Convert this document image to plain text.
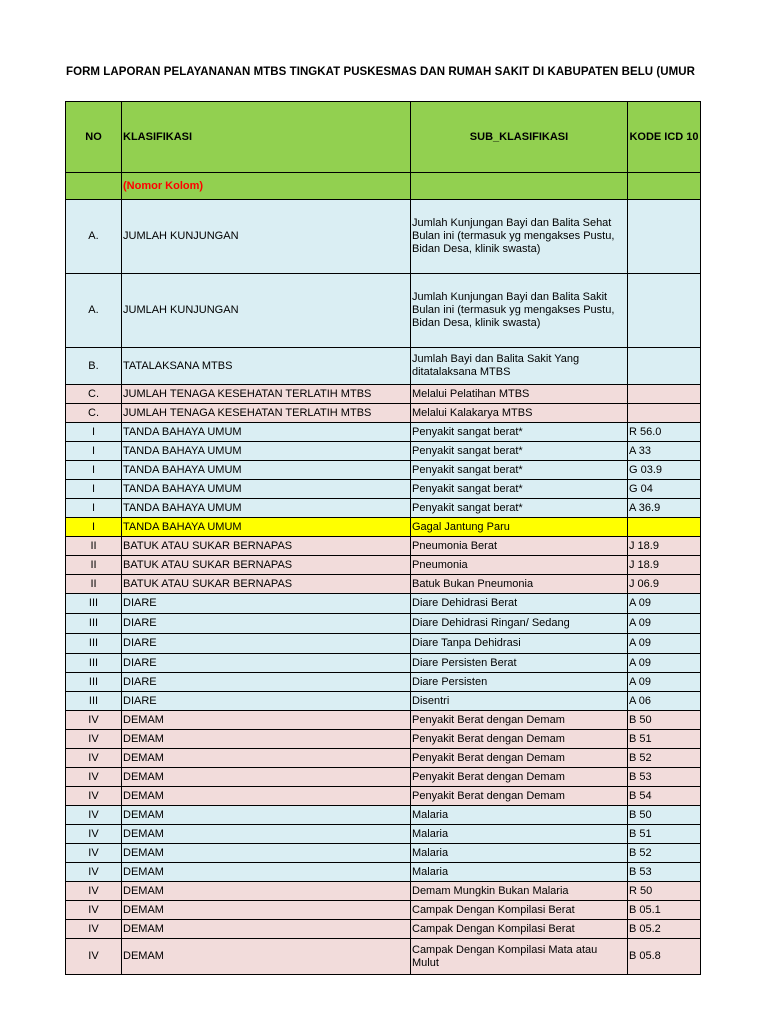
FORM LAPORAN PELAYANANAN MTBS TINGKAT PUSKESMAS DAN RUMAH SAKIT DI KABUPATEN BELU (UMUR
NO	KLASIFIKASI	SUB_KLASIFIKASI	KODE ICD 10
	(Nomor Kolom)		
A.	JUMLAH KUNJUNGAN	Jumlah Kunjungan Bayi dan Balita Sehat Bulan ini (termasuk yg mengakses Pustu, Bidan Desa, klinik swasta)	
A.	JUMLAH KUNJUNGAN	Jumlah Kunjungan Bayi dan Balita Sakit Bulan ini (termasuk yg mengakses Pustu, Bidan Desa, klinik swasta)	
B.	TATALAKSANA MTBS	Jumlah Bayi dan Balita Sakit Yang ditatalaksana MTBS	
C.	JUMLAH TENAGA KESEHATAN TERLATIH MTBS	Melalui Pelatihan MTBS	
C.	JUMLAH TENAGA KESEHATAN TERLATIH MTBS	Melalui Kalakarya MTBS	
I	TANDA BAHAYA UMUM	Penyakit sangat berat*	R 56.0
I	TANDA BAHAYA UMUM	Penyakit sangat berat*	A 33
I	TANDA BAHAYA UMUM	Penyakit sangat berat*	G 03.9
I	TANDA BAHAYA UMUM	Penyakit sangat berat*	G 04
I	TANDA BAHAYA UMUM	Penyakit sangat berat*	A 36.9
I	TANDA BAHAYA UMUM	Gagal Jantung Paru	
II	BATUK ATAU SUKAR BERNAPAS	Pneumonia Berat	J 18.9
II	BATUK ATAU SUKAR BERNAPAS	Pneumonia	J 18.9
II	BATUK ATAU SUKAR BERNAPAS	Batuk Bukan Pneumonia	J 06.9
III	DIARE	Diare Dehidrasi Berat	A 09
III	DIARE	Diare Dehidrasi Ringan/ Sedang	A 09
III	DIARE	Diare Tanpa Dehidrasi	A 09
III	DIARE	Diare Persisten Berat	A 09
III	DIARE	Diare Persisten	A 09
III	DIARE	Disentri	A 06
IV	DEMAM	Penyakit Berat dengan Demam	B 50
IV	DEMAM	Penyakit Berat dengan Demam	B 51
IV	DEMAM	Penyakit Berat dengan Demam	B 52
IV	DEMAM	Penyakit Berat dengan Demam	B 53
IV	DEMAM	Penyakit Berat dengan Demam	B 54
IV	DEMAM	Malaria	B 50
IV	DEMAM	Malaria	B 51
IV	DEMAM	Malaria	B 52
IV	DEMAM	Malaria	B 53
IV	DEMAM	Demam Mungkin Bukan Malaria	R 50
IV	DEMAM	Campak Dengan Kompilasi Berat	B 05.1
IV	DEMAM	Campak Dengan Kompilasi Berat	B 05.2
IV	DEMAM	Campak Dengan Kompilasi Mata atau Mulut	B 05.8
